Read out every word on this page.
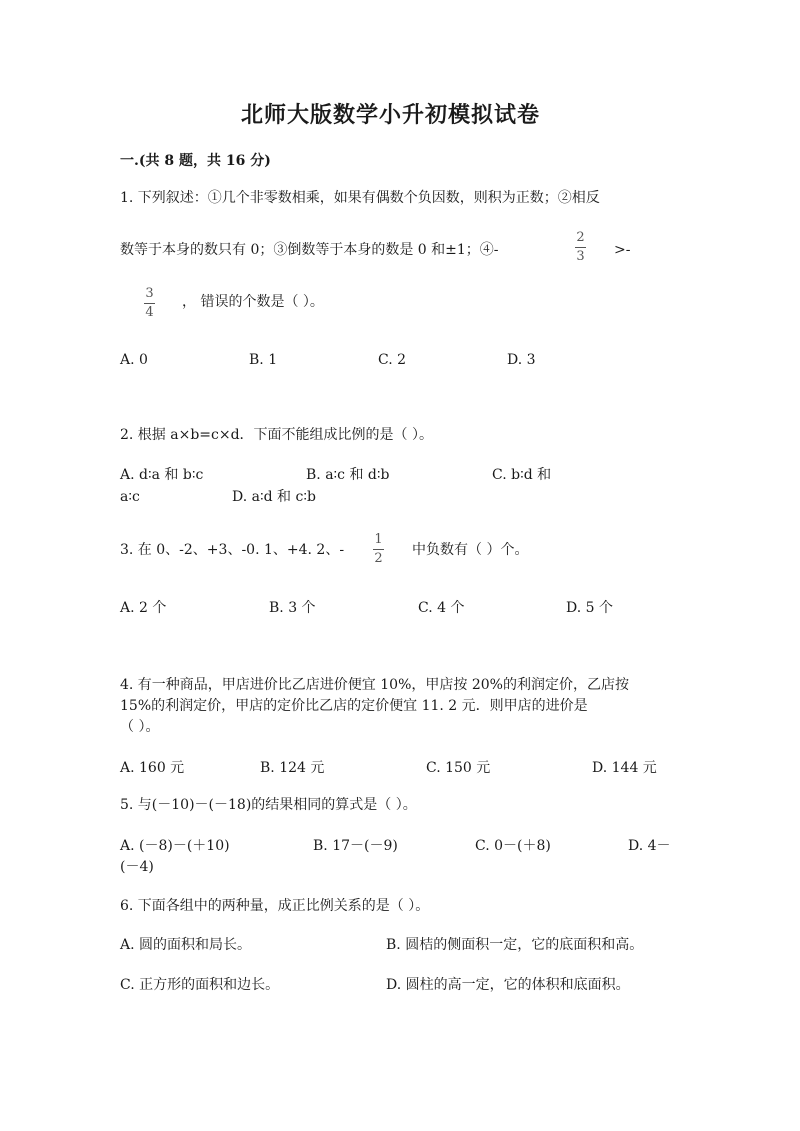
北师大版数学小升初模拟试卷
一.(共 8 题，共 16 分)
1. 下列叙述：①几个非零数相乘，如果有偶数个负因数，则积为正数；②相反
数等于本身的数只有 0；③倒数等于本身的数是 0 和±1；④-
2
3 >-
3
4
， 错误的个数是（ ）。
A. 0	B. 1	C. 2	D. 3
2. 根据 a×b=c×d．下面不能组成比例的是（ ）。
A. d∶a 和 b∶c	B. a∶c 和 d∶b	C. b∶d 和
a∶c	D. a∶d 和 c∶b
3. 在 0、-2、+3、-0. 1、+4. 2、-
1
2
中负数有（ ）个。
A. 2 个	B. 3 个	C. 4 个	D. 5 个
4. 有一种商品，甲店进价比乙店进价便宜 10%，甲店按 20%的利润定价，乙店按
15%的利润定价，甲店的定价比乙店的定价便宜 11. 2 元．则甲店的进价是
（ ）。
A. 160 元	B. 124 元	C. 150 元	D. 144 元
5. 与(－10)－(－18)的结果相同的算式是（ ）。
A. (－8)－(＋10)	B. 17－(－9)	C. 0－(＋8)	D. 4－
(－4)
6. 下面各组中的两种量，成正比例关系的是（ ）。
A. 圆的面积和局长。	B. 圆桔的侧面积一定，它的底面积和高。
C. 正方形的面积和边长。	D. 圆柱的高一定，它的体积和底面积。
